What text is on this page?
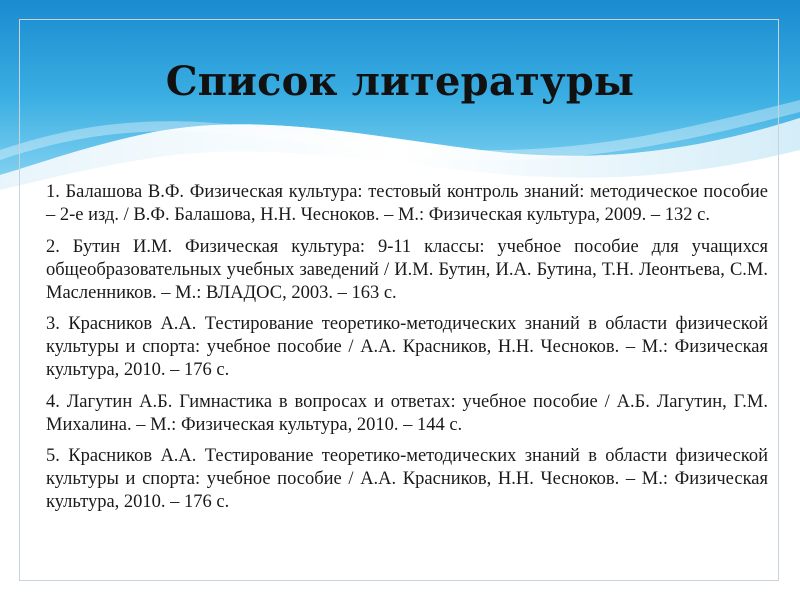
Список литературы
1. Балашова В.Ф. Физическая культура: тестовый контроль знаний: методическое пособие – 2-е изд. / В.Ф. Балашова, Н.Н. Чесноков. – М.: Физическая культура, 2009. – 132 с.
2. Бутин И.М. Физическая культура: 9-11 классы: учебное пособие для учащихся общеобразовательных учебных заведений / И.М. Бутин, И.А. Бутина, Т.Н. Леонтьева, С.М. Масленников. – М.: ВЛАДОС, 2003. – 163 с.
3. Красников А.А. Тестирование теоретико-методических знаний в области физической культуры и спорта: учебное пособие / А.А. Красников, Н.Н. Чесноков. – М.: Физическая культура, 2010. – 176 с.
4. Лагутин А.Б. Гимнастика в вопросах и ответах: учебное пособие / А.Б. Лагутин, Г.М. Михалина. – М.: Физическая культура, 2010. – 144 с.
5. Красников А.А. Тестирование теоретико-методических знаний в области физической культуры и спорта: учебное пособие / А.А. Красников, Н.Н. Чесноков. – М.: Физическая культура, 2010. – 176 с.
